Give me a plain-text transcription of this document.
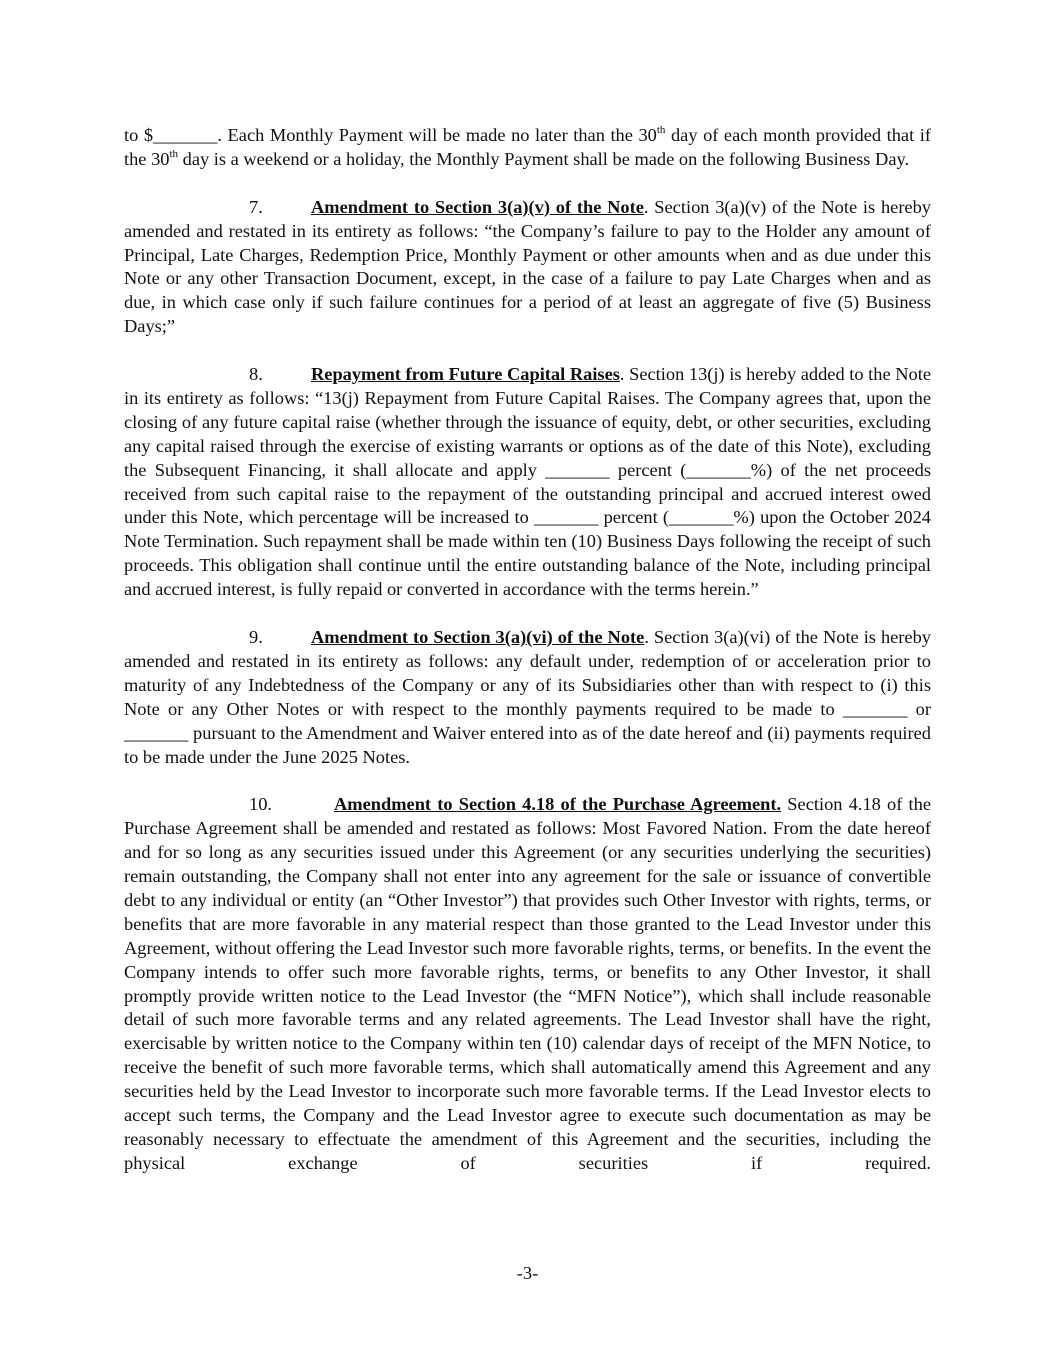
to $_______. Each Monthly Payment will be made no later than the 30th day of each month provided that if the 30th day is a weekend or a holiday, the Monthly Payment shall be made on the following Business Day.

7.	Amendment to Section 3(a)(v) of the Note. Section 3(a)(v) of the Note is hereby amended and restated in its entirety as follows: “the Company’s failure to pay to the Holder any amount of Principal, Late Charges, Redemption Price, Monthly Payment or other amounts when and as due under this Note or any other Transaction Document, except, in the case of a failure to pay Late Charges when and as due, in which case only if such failure continues for a period of at least an aggregate of five (5) Business Days;”

8.	Repayment from Future Capital Raises. Section 13(j) is hereby added to the Note in its entirety as follows: “13(j) Repayment from Future Capital Raises. The Company agrees that, upon the closing of any future capital raise (whether through the issuance of equity, debt, or other securities, excluding any capital raised through the exercise of existing warrants or options as of the date of this Note), excluding the Subsequent Financing, it shall allocate and apply _______ percent (_______%) of the net proceeds received from such capital raise to the repayment of the outstanding principal and accrued interest owed under this Note, which percentage will be increased to _______ percent (_______%) upon the October 2024 Note Termination. Such repayment shall be made within ten (10) Business Days following the receipt of such proceeds. This obligation shall continue until the entire outstanding balance of the Note, including principal and accrued interest, is fully repaid or converted in accordance with the terms herein.”

9.	Amendment to Section 3(a)(vi) of the Note. Section 3(a)(vi) of the Note is hereby amended and restated in its entirety as follows: any default under, redemption of or acceleration prior to maturity of any Indebtedness of the Company or any of its Subsidiaries other than with respect to (i) this Note or any Other Notes or with respect to the monthly payments required to be made to _______ or _______ pursuant to the Amendment and Waiver entered into as of the date hereof and (ii) payments required to be made under the June 2025 Notes.

10.	Amendment to Section 4.18 of the Purchase Agreement. Section 4.18 of the Purchase Agreement shall be amended and restated as follows: Most Favored Nation. From the date hereof and for so long as any securities issued under this Agreement (or any securities underlying the securities) remain outstanding, the Company shall not enter into any agreement for the sale or issuance of convertible debt to any individual or entity (an “Other Investor”) that provides such Other Investor with rights, terms, or benefits that are more favorable in any material respect than those granted to the Lead Investor under this Agreement, without offering the Lead Investor such more favorable rights, terms, or benefits. In the event the Company intends to offer such more favorable rights, terms, or benefits to any Other Investor, it shall promptly provide written notice to the Lead Investor (the “MFN Notice”), which shall include reasonable detail of such more favorable terms and any related agreements. The Lead Investor shall have the right, exercisable by written notice to the Company within ten (10) calendar days of receipt of the MFN Notice, to receive the benefit of such more favorable terms, which shall automatically amend this Agreement and any securities held by the Lead Investor to incorporate such more favorable terms. If the Lead Investor elects to accept such terms, the Company and the Lead Investor agree to execute such documentation as may be reasonably necessary to effectuate the amendment of this Agreement and the securities, including the physical exchange of securities if required.

-3-
